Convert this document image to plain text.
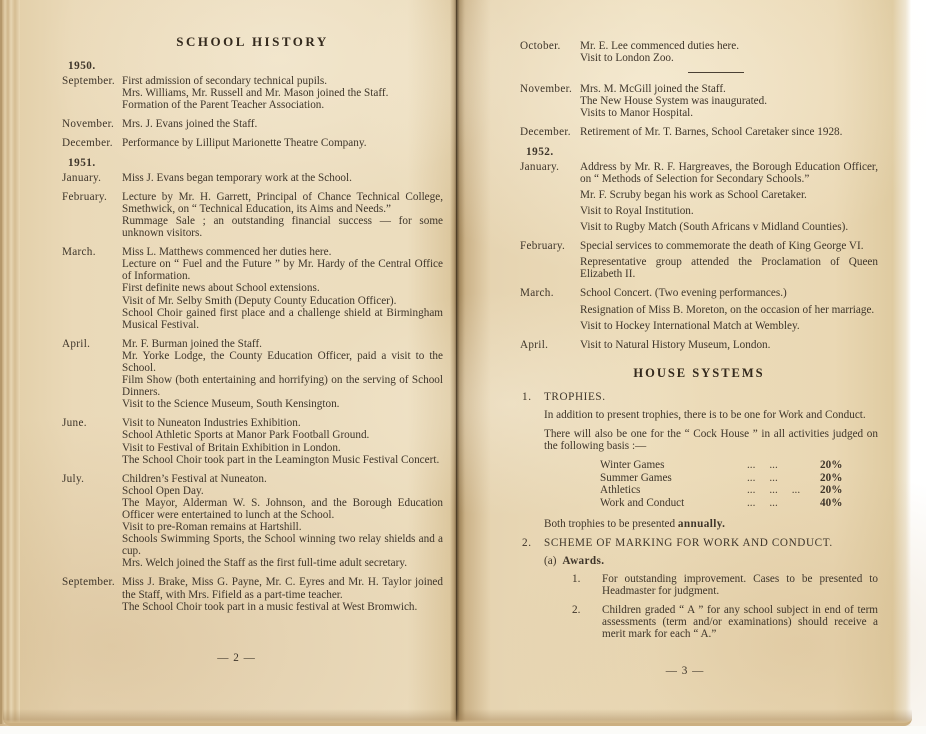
SCHOOL HISTORY
1950.
September. First admission of secondary technical pupils.

Mrs. Williams, Mr. Russell and Mr. Mason joined the Staff.

Formation of the Parent Teacher Association.

November. Mrs. J. Evans joined the Staff.

December. Performance by Lilliput Marionette Theatre Company.

1951.
January.	Miss J. Evans began temporary work at the School.

February.	Lecture by Mr. H. Garrett, Principal of Chance Technical College, Smethwick, on “ Technical Education, its Aims and Needs.”

Rummage Sale ; an outstanding financial success — for some unknown visitors.

March.	Miss L. Matthews commenced her duties here.

Lecture on “ Fuel and the Future ” by Mr. Hardy of the Central Office of Information.

First definite news about School extensions.

Visit of Mr. Selby Smith (Deputy County Education Officer).

School Choir gained first place and a challenge shield at Birmingham Musical Festival.

April.	Mr. F. Burman joined the Staff.

Mr. Yorke Lodge, the County Education Officer, paid a visit to the School.

Film Show (both entertaining and horrifying) on the serving of School Dinners.

Visit to the Science Museum, South Kensington.

June.	Visit to Nuneaton Industries Exhibition.

School Athletic Sports at Manor Park Football Ground.

Visit to Festival of Britain Exhibition in London.

The School Choir took part in the Leamington Music Festival Concert.

July.	Children’s Festival at Nuneaton.

School Open Day.

The Mayor, Alderman W. S. Johnson, and the Borough Education Officer were entertained to lunch at the School.

Visit to pre-Roman remains at Hartshill.

Schools Swimming Sports, the School winning two relay shields and a cup.

Mrs. Welch joined the Staff as the first full-time adult secretary.

September. Miss J. Brake, Miss G. Payne, Mr. C. Eyres and Mr. H. Taylor joined the Staff, with Mrs. Fifield as a part-time teacher.

The School Choir took part in a music festival at West Bromwich.

— 2 —
October.	Mr. E. Lee commenced duties here.

Visit to London Zoo.

November. Mrs. M. McGill joined the Staff.

The New House System was inaugurated.

Visits to Manor Hospital.

December. Retirement of Mr. T. Barnes, School Caretaker since 1928.

1952.
January.	Address by Mr. R. F. Hargreaves, the Borough Education Officer, on “ Methods of Selection for Secondary Schools.”

Mr. F. Scruby began his work as School Caretaker.

Visit to Royal Institution.

Visit to Rugby Match (South Africans v Midland Counties).

February.	Special services to commemorate the death of King George VI.

Representative group attended the Proclamation of Queen Elizabeth II.

March.	School Concert. (Two evening performances.)

Resignation of Miss B. Moreton, on the occasion of her marriage.

Visit to Hockey International Match at Wembley.

April.	Visit to Natural History Museum, London.

HOUSE SYSTEMS
1.	TROPHIES.

In addition to present trophies, there is to be one for Work and Conduct.

There will also be one for the “ Cock House ” in all activities judged on the following basis :—

Winter Games	...     ...	20%
Summer Games	...     ...	20%
Athletics	...     ...     ...	20%
Work and Conduct	...     ...	40%

Both trophies to be presented annually.

2.	SCHEME OF MARKING FOR WORK AND CONDUCT.

(a) Awards.

1.	For outstanding improvement. Cases to be presented to Headmaster for judgment.
2.	Children graded “ A ” for any school subject in end of term assessments (term and/or examinations) should receive a merit mark for each “ A.”
— 3 —
